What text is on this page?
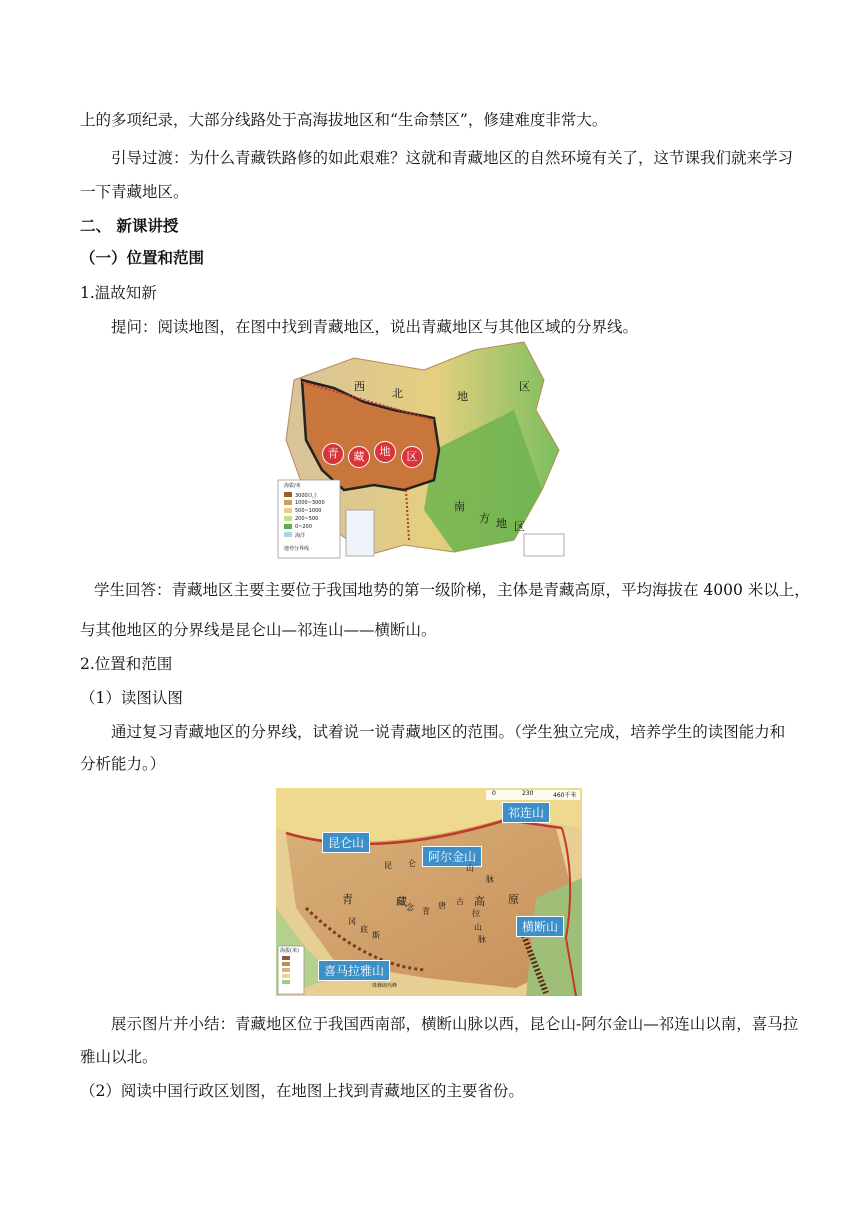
上的多项纪录，大部分线路处于高海拔地区和“生命禁区”，修建难度非常大。
引导过渡：为什么青藏铁路修的如此艰难？这就和青藏地区的自然环境有关了，这节课我们就来学习
一下青藏地区。
二、 新课讲授
（一）位置和范围
1.温故知新
提问：阅读地图，在图中找到青藏地区，说出青藏地区与其他区域的分界线。
西
北	地
区
南
方 地 区
青	藏	地	区
海拔/米
3000以上
1000~3000
500~1000
200~500
0~200
海洋
地势分界线
学生回答：青藏地区主要主要位于我国地势的第一级阶梯，主体是青藏高原，平均海拔在 4000 米以上，
与其他地区的分界线是昆仑山—祁连山——横断山。
2.位置和范围
（1）读图认图
通过复习青藏地区的分界线，试着说一说青藏地区的范围。（学生独立完成，培养学生的读图能力和
分析能力。）
0	230	460千米
祁连山
昆仑山
阿尔金山
横断山
喜马拉雅山
青	藏	高 原
昆 仑
山
脉
冈
底
斯
念 青
唐 古
拉
山
脉
珠穆朗玛峰
海拔(米)
展示图片并小结：青藏地区位于我国西南部，横断山脉以西，昆仑山-阿尔金山—祁连山以南，喜马拉
雅山以北。
（2）阅读中国行政区划图，在地图上找到青藏地区的主要省份。
